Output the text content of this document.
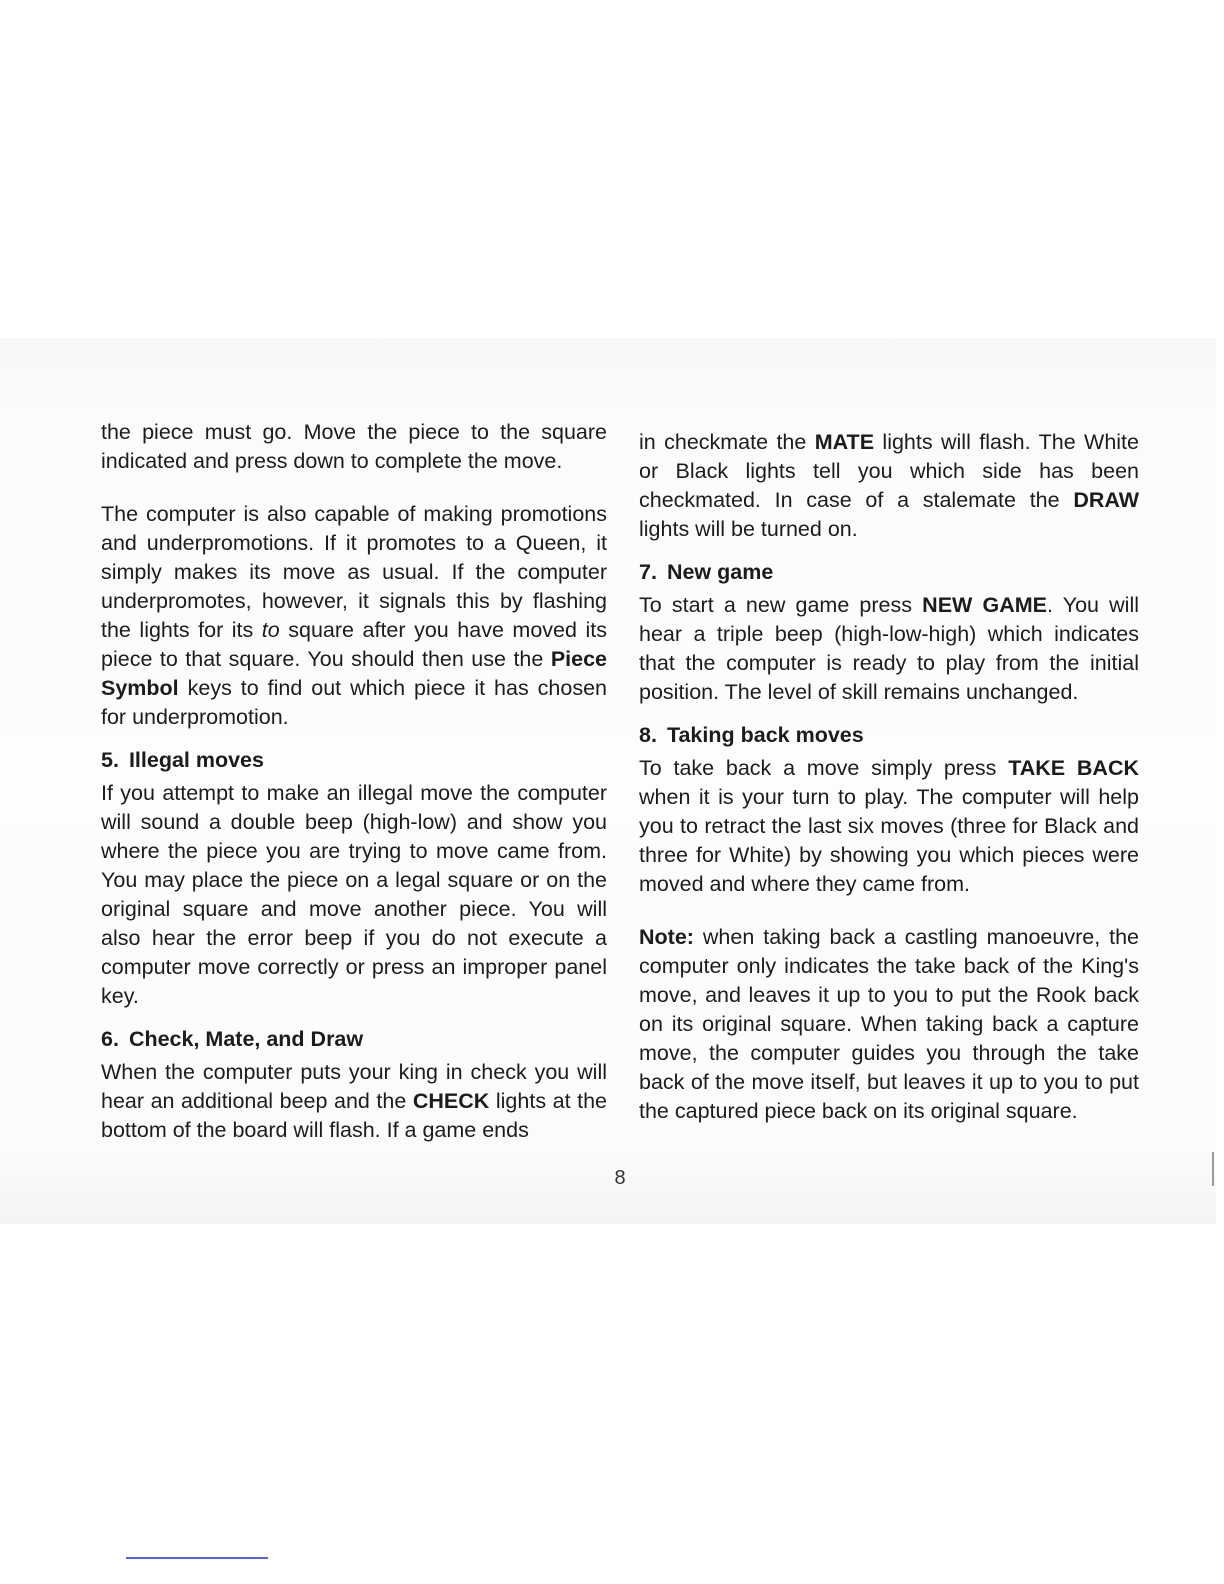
the piece must go. Move the piece to the square indicated and press down to complete the move.

The computer is also capable of making promotions and underpromotions. If it promotes to a Queen, it simply makes its move as usual. If the computer underpromotes, however, it signals this by flashing the lights for its to square after you have moved its piece to that square. You should then use the Piece Symbol keys to find out which piece it has chosen for underpromotion.

5. Illegal moves

If you attempt to make an illegal move the computer will sound a double beep (high-low) and show you where the piece you are trying to move came from. You may place the piece on a legal square or on the original square and move another piece. You will also hear the error beep if you do not execute a computer move correctly or press an improper panel key.

6. Check, Mate, and Draw

When the computer puts your king in check you will hear an additional beep and the CHECK lights at the bottom of the board will flash. If a game ends

in checkmate the MATE lights will flash. The White or Black lights tell you which side has been checkmated. In case of a stalemate the DRAW lights will be turned on.

7. New game

To start a new game press NEW GAME. You will hear a triple beep (high-low-high) which indicates that the computer is ready to play from the initial position. The level of skill remains unchanged.

8. Taking back moves

To take back a move simply press TAKE BACK when it is your turn to play. The computer will help you to retract the last six moves (three for Black and three for White) by showing you which pieces were moved and where they came from.

Note: when taking back a castling manoeuvre, the computer only indicates the take back of the King's move, and leaves it up to you to put the Rook back on its original square. When taking back a capture move, the computer guides you through the take back of the move itself, but leaves it up to you to put the captured piece back on its original square.

8
